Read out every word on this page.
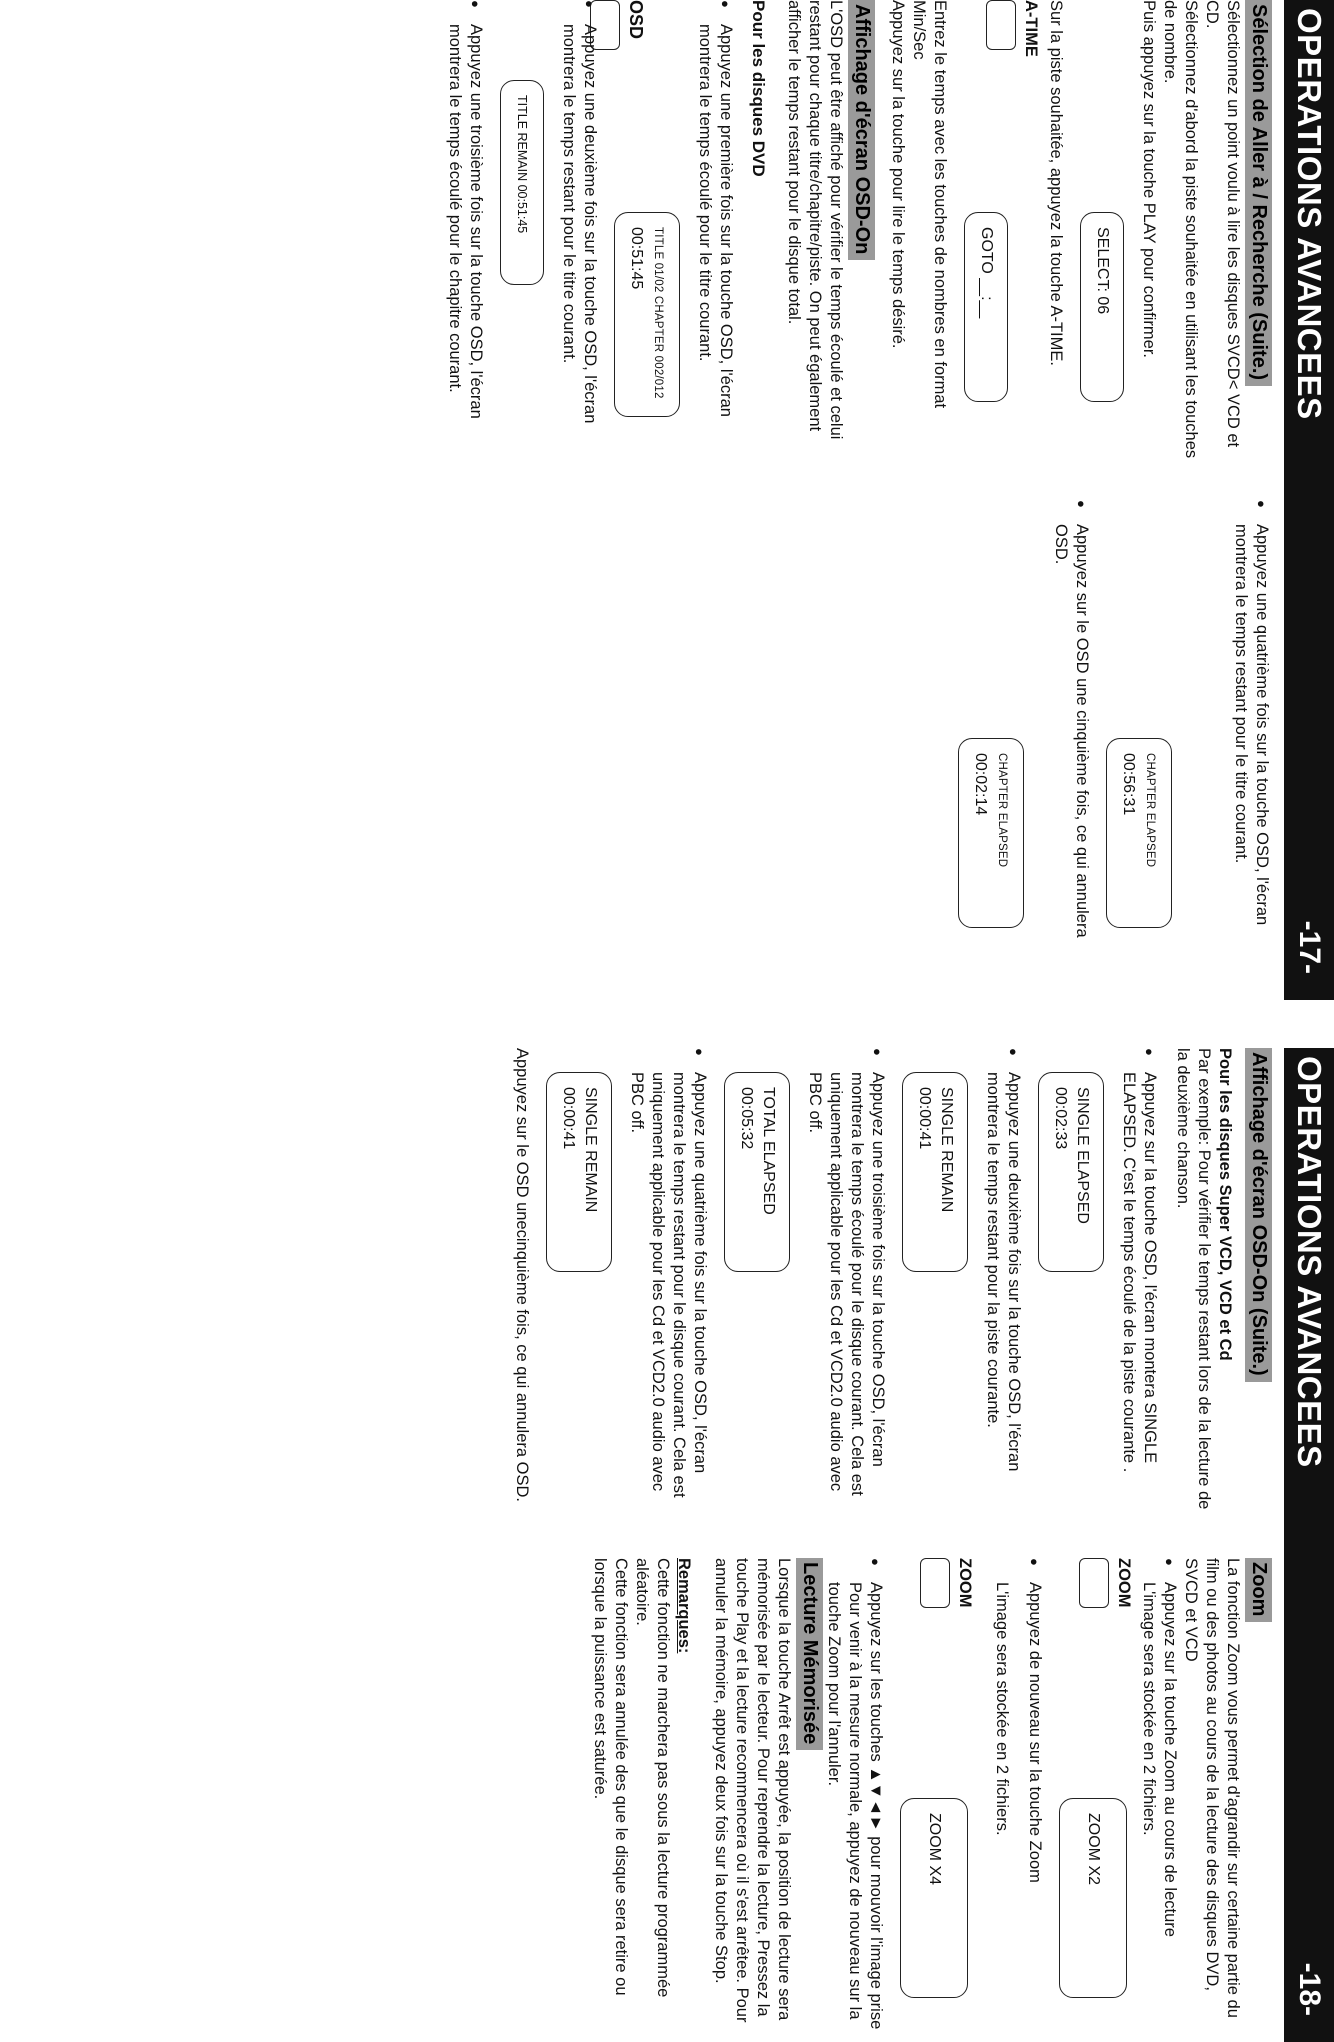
OPERATIONS AVANCEES
-17-
Sélection de Aller à / Recherche (Suite.)

Sélectionnez un point voulu à lire les disques SVCD< VCD et CD.

Sélectionnez d'abord la piste souhaitée en utilisant les touches de nombre.

Puis appuyez sur la touche PLAY pour confirmer.

SELECT: 06

Sur la piste souhaitée, appuyez la touche A-TIME.

A-TIME
GOTO __:__

Entrez le temps avec les touches de nombres en format Min/Sec

Appuyez sur la touche pour lire le temps désiré.

Affichage d'écran OSD-On

L'OSD peut être affiché pour vérifier le temps écoulé et celui restant pour chaque titre/chapitre/piste. On peut également afficher le temps restant pour le disque total.

Pour les disques DVD
● Appuyez une première fois sur la touche OSD, l'écran montrera le temps écoulé pour le titre courant.
OSD
TITLE 01/02 CHAPTER 002/012
00:51:45
● Appuyez une deuxième fois sur la touche OSD, l'écran montrera le temps restant pour le titre courant.
TITLE REMAIN 00:51:45
● Appuyez une troisième fois sur la touche OSD, l'écran montrera le temps écoulé pour le chapitre courant.
● Appuyez une quatrième fois sur la touche OSD, l'écran montrera le temps restant pour le titre courant.
CHAPTER ELAPSED
00:56:31
● Appuyez sur le OSD une cinquième fois, ce qui annulera OSD.
CHAPTER ELAPSED
00:02:14
OPERATIONS AVANCEES
-18-
Affichage d'écran OSD-On (Suite.)
Pour les disques Super VCD, VCD et Cd

Par exemple: Pour vérifier le temps restant lors de la lecture de la deuxième chanson.

● Appuyez sur la touche OSD, l'écran montera SINGLE ELAPSED. C'est le temps écoulé de la piste courante .
SINGLE ELAPSED
00:02:33
● Appuyez une deuxième fois sur la touche OSD, l'écran montrera le temps restant pour la piste courante.
SINGLE REMAIN
00:00:41
● Appuyez une troisième fois sur la touche OSD, l'écran montrera le temps écoulé pour le disque courant. Cela est uniquement applicable pour les Cd et VCD2.0 audio avec PBC off.
TOTAL ELAPSED
00:05:32
● Appuyez une quatrième fois sur la touche OSD, l'écran montrera le temps restant pour le disque courant. Cela est uniquement applicable pour les Cd et VCD2.0 audio avec PBC off.
SINGLE REMAIN
00:00:41

Appuyez sur le OSD unecinquième fois, ce qui annulera OSD.

Zoom

La fonction Zoom vous permet d'agrandir sur certaine partie du film ou des photos au cours de la lecture des disques DVD, SVCD et VCD

● Appuyez sur la touche Zoom au cours de lecture

L'image sera stockée en 2 fichiers.

ZOOM
ZOOM X2
● Appuyez de nouveau sur la touche Zoom

L'image sera stockée en 2 fichiers.

ZOOM
ZOOM X4
● Appuyez sur les touches ▲▼◄► pour mouvoir l'image prise

Pour venir à la mesure normale, appuyez de nouveau sur la touche Zoom pour l'annuler.

Lecture Mémorisée

Lorsque la touche Arrêt est appuyée, la position de lecture sera mémorisée par le lecteur. Pour reprendre la lecture, Pressez la touche Play et la lecture recommencera où il s'est arrêtee. Pour annuler la mémoire, appuyez deux fois sur la touche Stop.

Remarques:

Cette fonction ne marchera pas sous la lecture programmée aléatoire.

Cette fonction sera annulée des que le disque sera retire ou lorsque la puissance est saturée.
